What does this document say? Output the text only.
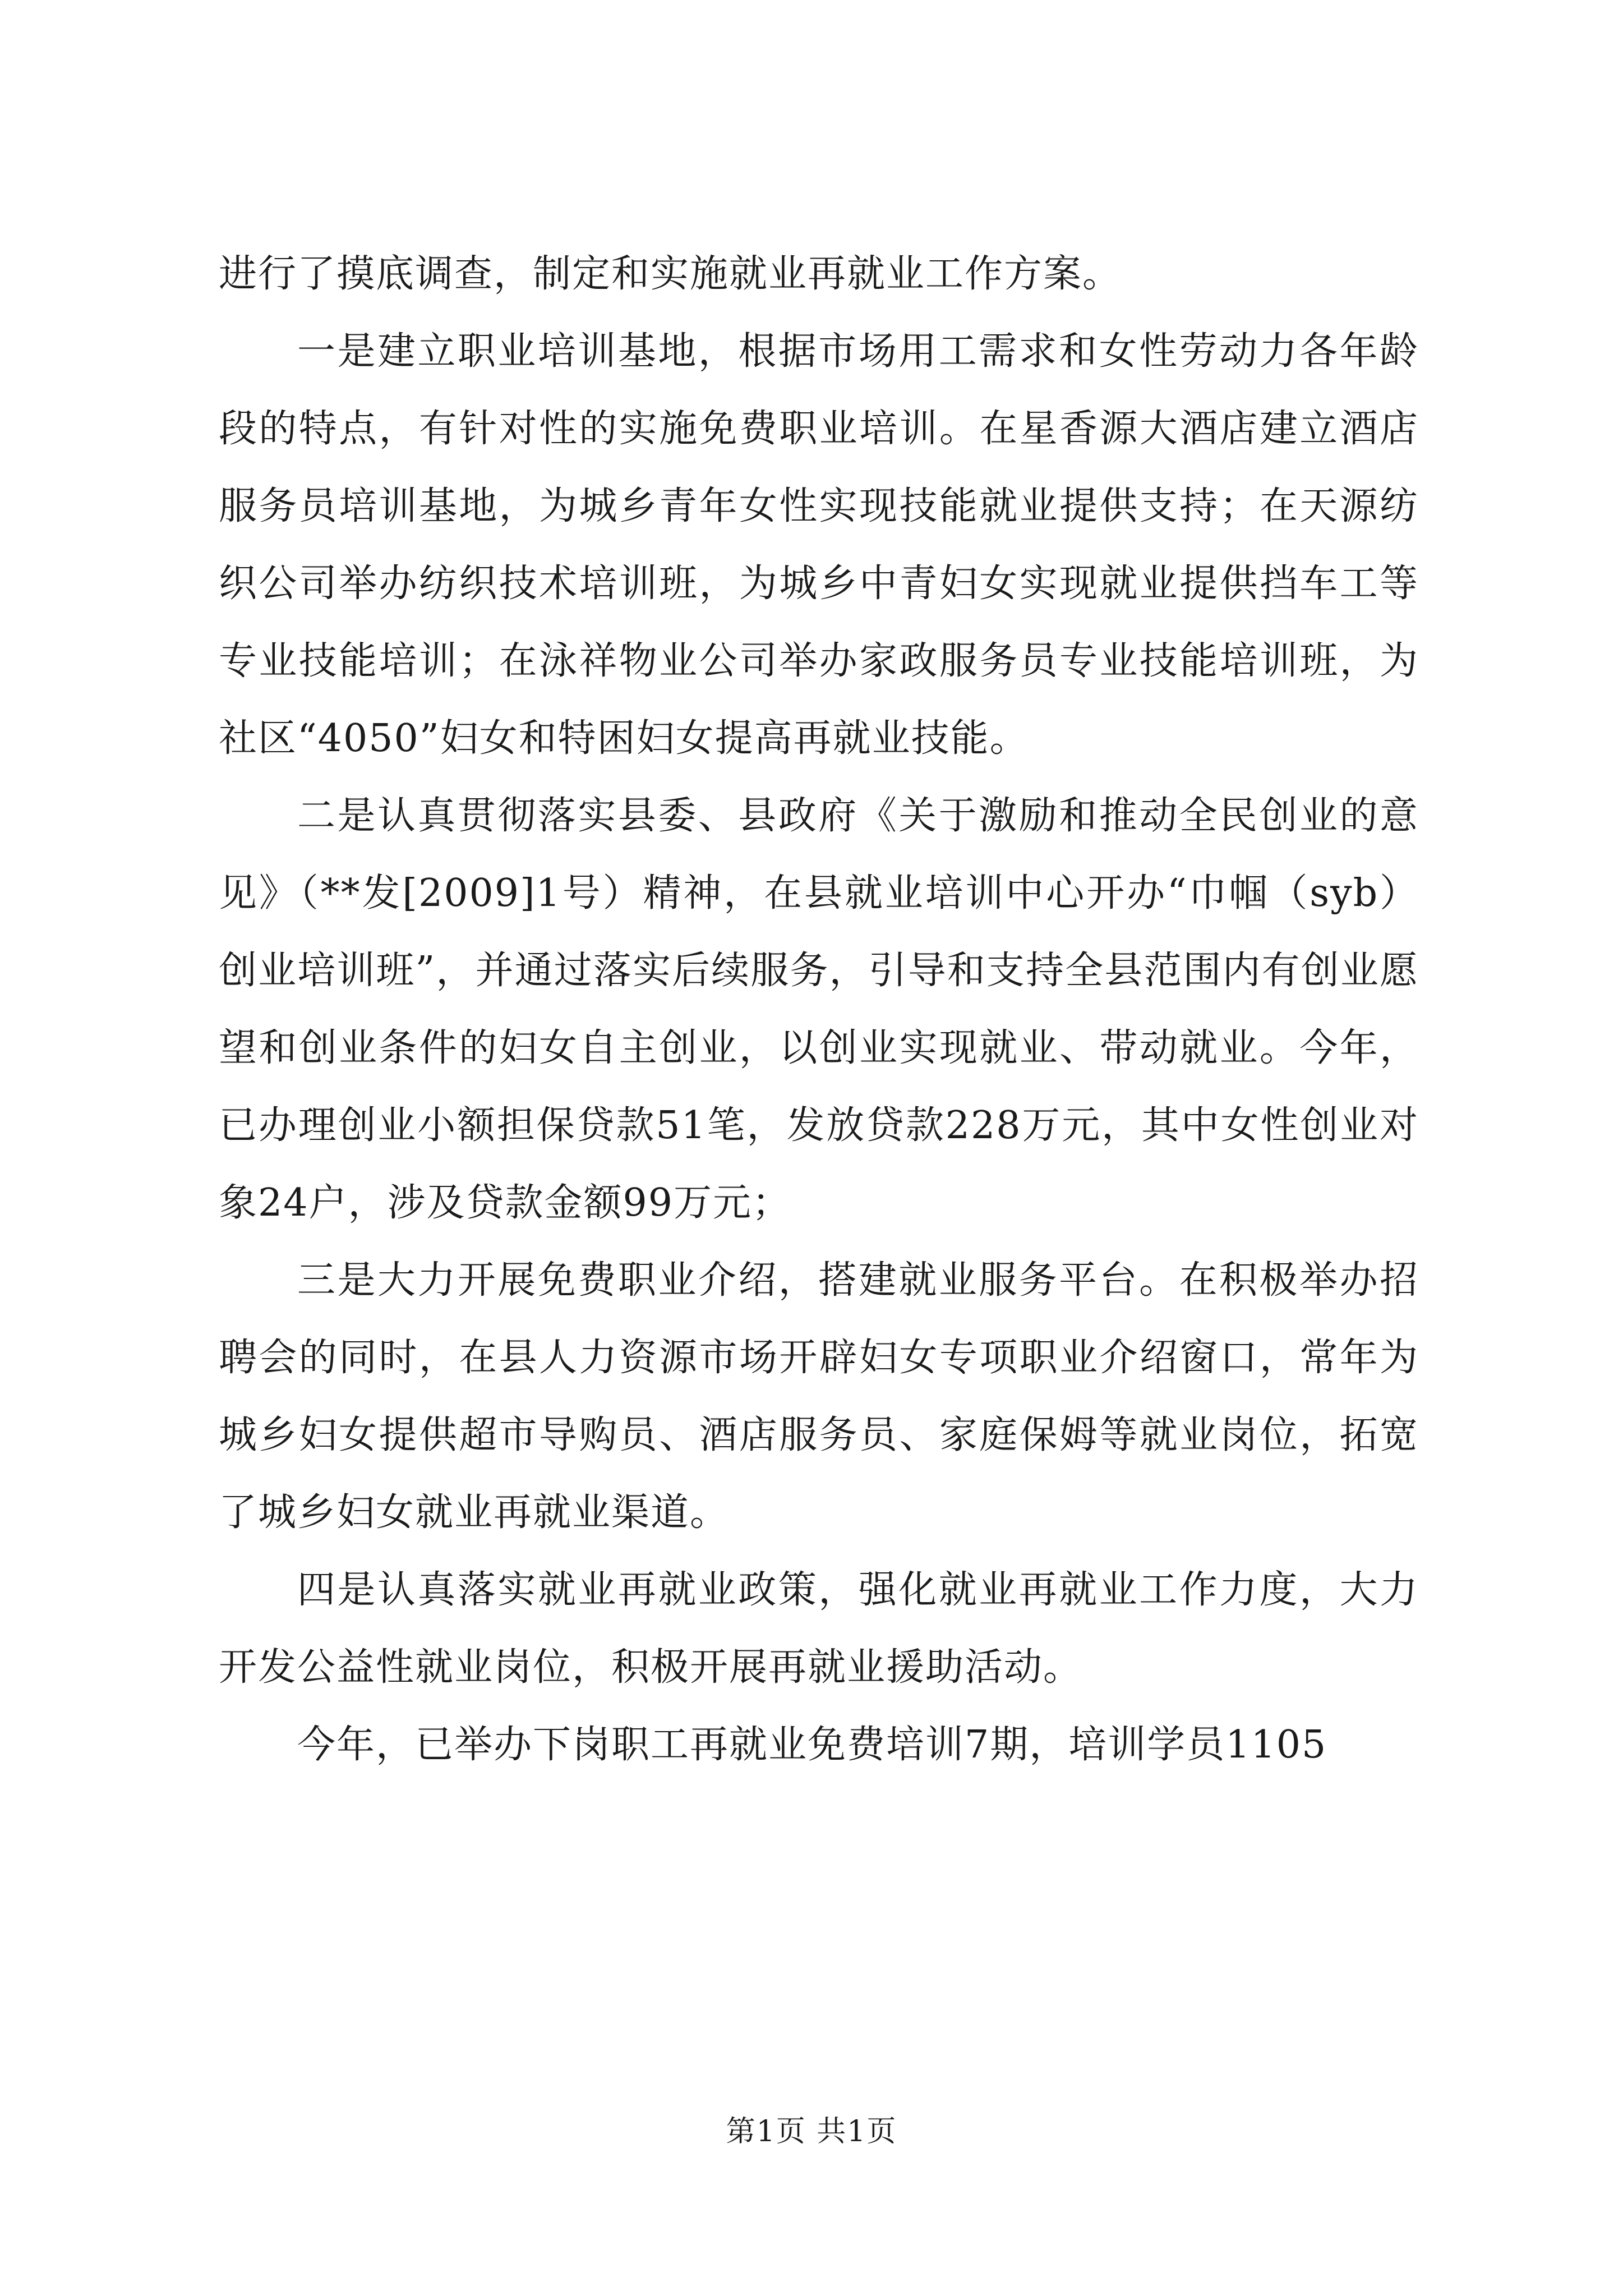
进行了摸底调查，制定和实施就业再就业工作方案。

一是建立职业培训基地，根据市场用工需求和女性劳动力各年龄段的特点，有针对性的实施免费职业培训。在星香源大酒店建立酒店服务员培训基地，为城乡青年女性实现技能就业提供支持；在天源纺织公司举办纺织技术培训班，为城乡中青妇女实现就业提供挡车工等专业技能培训；在泳祥物业公司举办家政服务员专业技能培训班，为社区“4050”妇女和特困妇女提高再就业技能。

二是认真贯彻落实县委、县政府《关于激励和推动全民创业的意见》（**发[2009]1号）精神，在县就业培训中心开办“巾帼（syb）创业培训班”，并通过落实后续服务，引导和支持全县范围内有创业愿望和创业条件的妇女自主创业，以创业实现就业、带动就业。今年，已办理创业小额担保贷款51笔，发放贷款228万元，其中女性创业对象24户，涉及贷款金额99万元；

三是大力开展免费职业介绍，搭建就业服务平台。在积极举办招聘会的同时，在县人力资源市场开辟妇女专项职业介绍窗口，常年为城乡妇女提供超市导购员、酒店服务员、家庭保姆等就业岗位，拓宽了城乡妇女就业再就业渠道。

四是认真落实就业再就业政策，强化就业再就业工作力度，大力开发公益性就业岗位，积极开展再就业援助活动。

今年，已举办下岗职工再就业免费培训7期，培训学员1105

第1页 共1页
